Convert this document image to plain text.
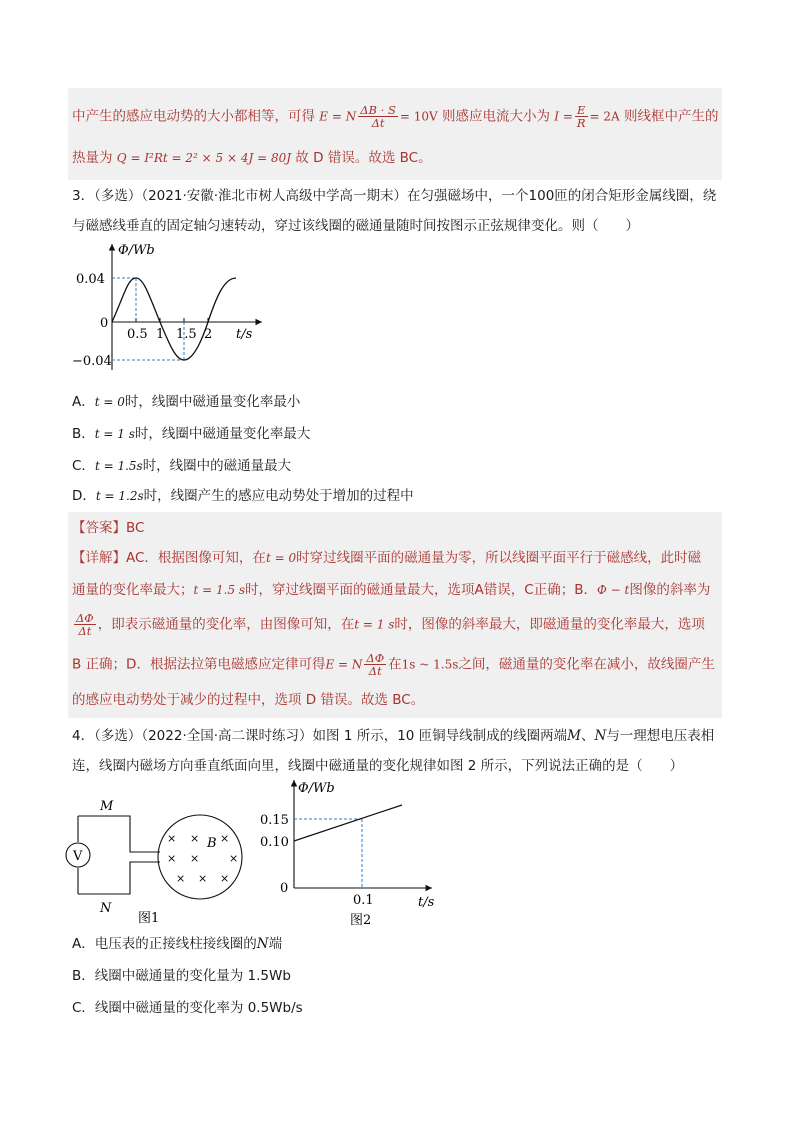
中产生的感应电动势的大小都相等，可得 E = N $\frac{\Delta B \cdot S}{\Delta t} = 10V$ 则感应电流大小为 $I = \frac{E}{R} = 2A$ 则线框中产生的
热量为 Q = I²Rt = 2² × 5 × 4J = 80J 故 D 错误。故选 BC。
3．（多选）（2021·安徽·淮北市树人高级中学高一期末）在匀强磁场中，一个100匝的闭合矩形金属线圈，绕
与磁感线垂直的固定轴匀速转动，穿过该线圈的磁通量随时间按图示正弦规律变化。则（　　）
Φ/Wb
0.04
0
−0.04
0.5 1 1.5 2 t/s
A．t = 0时，线圈中磁通量变化率最小
B．t = 1 s时，线圈中磁通量变化率最大
C．t = 1.5s时，线圈中的磁通量最大
D．t = 1.2s时，线圈产生的感应电动势处于增加的过程中
【答案】BC
【详解】AC．根据图像可知，在t = 0时穿过线圈平面的磁通量为零，所以线圈平面平行于磁感线，此时磁
通量的变化率最大；t = 1.5 s时，穿过线圈平面的磁通量最大，选项A错误，C正确；B．Φ − t图像的斜率为
$\frac{\Delta\Phi}{\Delta t}$ ，即表示磁通量的变化率，由图像可知，在t = 1 s时，图像的斜率最大，即磁通量的变化率最大，选项
B 正确；D．根据法拉第电磁感应定律可得E = N $\frac{\Delta\Phi}{\Delta t}$ 在1s ~ 1.5s之间，磁通量的变化率在减小，故线圈产生
的感应电动势处于减少的过程中，选项 D 错误。故选 BC。
4．（多选）（2022·全国·高二课时练习）如图 1 所示，10 匝铜导线制成的线圈两端M、N与一理想电压表相
连，线圈内磁场方向垂直纸面向里，线圈中磁通量的变化规律如图 2 所示，下列说法正确的是（　　）
V
M
N
B
× × ×
× ×	×
× × ×
图1
Φ/Wb
0.15
0.10
0
0.1	t/s
图2
A．电压表的正接线柱接线圈的N端
B．线圈中磁通量的变化量为 1.5Wb
C．线圈中磁通量的变化率为 0.5Wb/s
